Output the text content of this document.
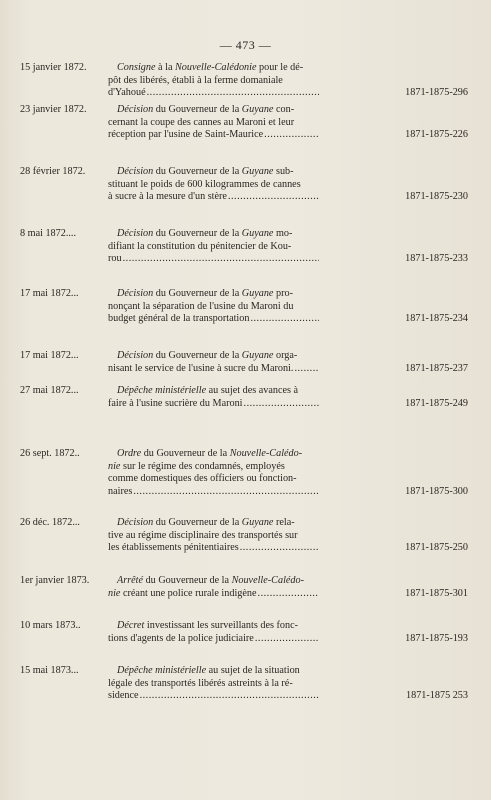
— 473 —
15 janvier 1872.	Consigne à la Nouvelle-Calédonie pour le dé-
pôt des libérés, établi à la ferme domaniale
d'Yahoué .....	1871-1875-296
23 janvier 1872.	Décision du Gouverneur de la Guyane con-
cernant la coupe des cannes au Maroni et leur
réception par l'usine de Saint-Maurice .....	1871-1875-226
28 février 1872.	Décision du Gouverneur de la Guyane sub-
stituant le poids de 600 kilogrammes de cannes
à sucre à la mesure d'un stère .....	1871-1875-230
8 mai 1872....	Décision du Gouverneur de la Guyane mo-
difiant la constitution du pénitencier de Kou-
rou .....	1871-1875-233
17 mai 1872...	Décision du Gouverneur de la Guyane pro-
nonçant la séparation de l'usine du Maroni du
budget général de la transportation .....	1871-1875-234
17 mai 1872...	Décision du Gouverneur de la Guyane orga-
nisant le service de l'usine à sucre du Maroni. .....	1871-1875-237
27 mai 1872...	Dépêche ministérielle au sujet des avances à
faire à l'usine sucrière du Maroni .....	1871-1875-249
26 sept. 1872..	Ordre du Gouverneur de la Nouvelle-Calédo-
nie sur le régime des condamnés, employés
comme domestiques des officiers ou fonction-
naires .....	1871-1875-300
26 déc. 1872...	Décision du Gouverneur de la Guyane rela-
tive au régime disciplinaire des transportés sur
les établissements pénitentiaires .....	1871-1875-250
1er janvier 1873.	Arrêté du Gouverneur de la Nouvelle-Calédo-
nie créant une police rurale indigène .....	1871-1875-301
10 mars 1873..	Décret investissant les surveillants des fonc-
tions d'agents de la police judiciaire .....	1871-1875-193
15 mai 1873...	Dépêche ministérielle au sujet de la situation
légale des transportés libérés astreints à la ré-
sidence .....	1871-1875 253
